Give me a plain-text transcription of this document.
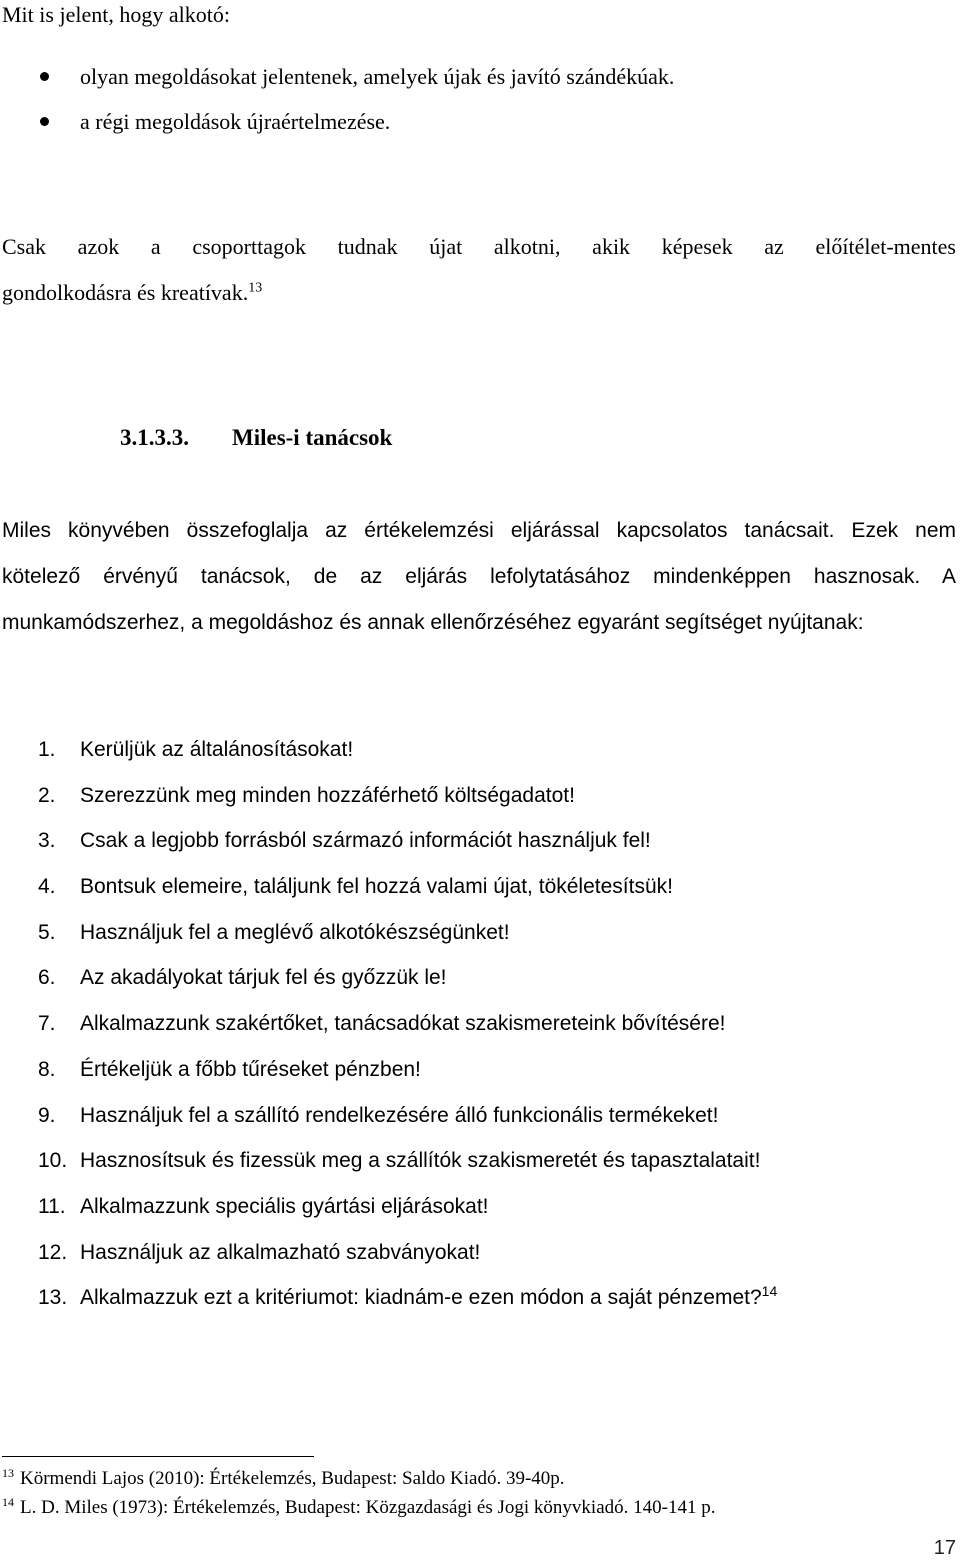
Mit is jelent, hogy alkotó:

olyan megoldásokat jelentenek, amelyek újak és javító szándékúak.
a régi megoldások újraértelmezése.

Csak azok a csoporttagok tudnak újat alkotni, akik képesek az előítélet-mentes
gondolkodásra és kreatívak.$^{13}$

3.1.3.3. Miles-i tanácsok

Miles könyvében összefoglalja az értékelemzési eljárással kapcsolatos tanácsait. Ezek nem
kötelező érvényű tanácsok, de az eljárás lefolytatásához mindenképpen hasznosak. A
munkamódszerhez, a megoldáshoz és annak ellenőrzéséhez egyaránt segítséget nyújtanak:

1. Kerüljük az általánosításokat!
2. Szerezzünk meg minden hozzáférhető költségadatot!
3. Csak a legjobb forrásból származó információt használjuk fel!
4. Bontsuk elemeire, találjunk fel hozzá valami újat, tökéletesítsük!
5. Használjuk fel a meglévő alkotókészségünket!
6. Az akadályokat tárjuk fel és győzzük le!
7. Alkalmazzunk szakértőket, tanácsadókat szakismereteink bővítésére!
8. Értékeljük a főbb tűréseket pénzben!
9. Használjuk fel a szállító rendelkezésére álló funkcionális termékeket!
10. Hasznosítsuk és fizessük meg a szállítók szakismeretét és tapasztalatait!
11. Alkalmazzunk speciális gyártási eljárásokat!
12. Használjuk az alkalmazható szabványokat!
13. Alkalmazzuk ezt a kritériumot: kiadnám-e ezen módon a saját pénzemet?$^{14}$
$^{13}$ Körmendi Lajos (2010): Értékelemzés, Budapest: Saldo Kiadó. 39-40p.
$^{14}$ L. D. Miles (1973): Értékelemzés, Budapest: Közgazdasági és Jogi könyvkiadó. 140-141 p.
17
